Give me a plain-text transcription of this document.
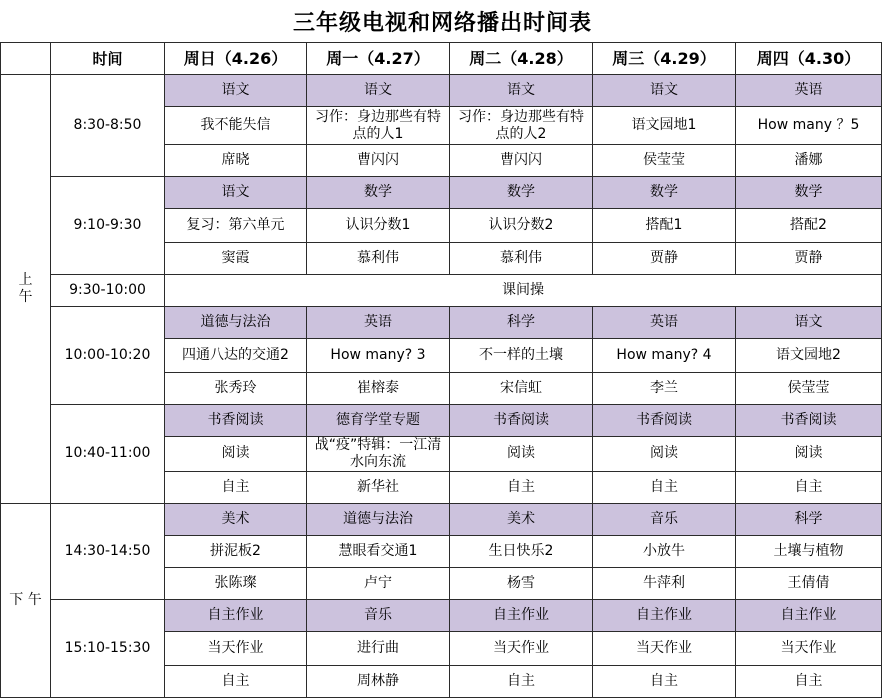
三年级电视和网络播出时间表
	时间	周日（4.26）	周一（4.27）	周二（4.28）	周三（4.29）	周四（4.30）
上午	8:30-8:50	语文	语文	语文	语文	英语
		我不能失信	习作：身边那些有特点的人1	习作：身边那些有特点的人2	语文园地1	How many ？5
		席晓	曹闪闪	曹闪闪	侯莹莹	潘娜
	9:10-9:30	语文	数学	数学	数学	数学
		复习：第六单元	认识分数1	认识分数2	搭配1	搭配2
		窦霞	慕利伟	慕利伟	贾静	贾静
	9:30-10:00	课间操				
	10:00-10:20	道德与法治	英语	科学	英语	语文
		四通八达的交通2	How many? 3	不一样的土壤	How many? 4	语文园地2
		张秀玲	崔榕泰	宋信虹	李兰	侯莹莹
	10:40-11:00	书香阅读	德育学堂专题	书香阅读	书香阅读	书香阅读
		阅读	战“疫”特辑：一江清水向东流	阅读	阅读	阅读
		自主	新华社	自主	自主	自主
下 午	14:30-14:50	美术	道德与法治	美术	音乐	科学
		拼泥板2	慧眼看交通1	生日快乐2	小放牛	土壤与植物
		张陈璨	卢宁	杨雪	牛萍利	王倩倩
	15:10-15:30	自主作业	音乐	自主作业	自主作业	自主作业
		当天作业	进行曲	当天作业	当天作业	当天作业
		自主	周林静	自主	自主	自主
